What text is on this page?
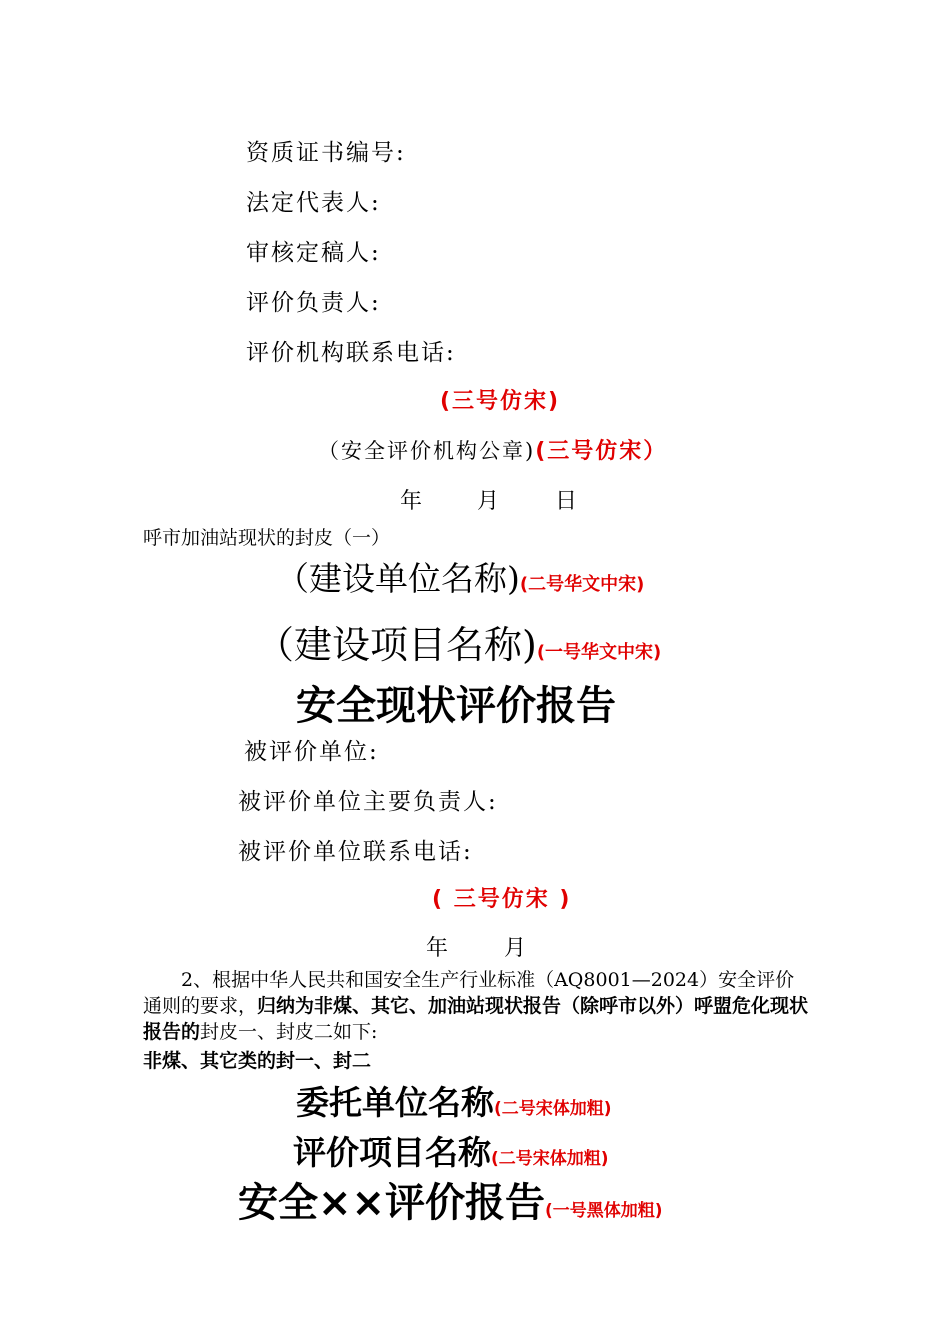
资质证书编号:
法定代表人:
审核定稿人:
评价负责人:
评价机构联系电话:
(三号仿宋)
（安全评价机构公章)(三号仿宋）
年 月	日
呼市加油站现状的封皮（一）
（建设单位名称)(二号华文中宋)
（建设项目名称)(一号华文中宋)
安全现状评价报告
被评价单位:
被评价单位主要负责人:
被评价单位联系电话:
( 三号仿宋 )
年	月
2、根据中华人民共和国安全生产行业标准（AQ8001—2024）安全评价通则的要求，归纳为非煤、其它、加油站现状报告（除呼市以外）呼盟危化现状报告的封皮一、封皮二如下:
非煤、其它类的封一、封二
委托单位名称(二号宋体加粗)
评价项目名称(二号宋体加粗)
安全××评价报告(一号黑体加粗)
